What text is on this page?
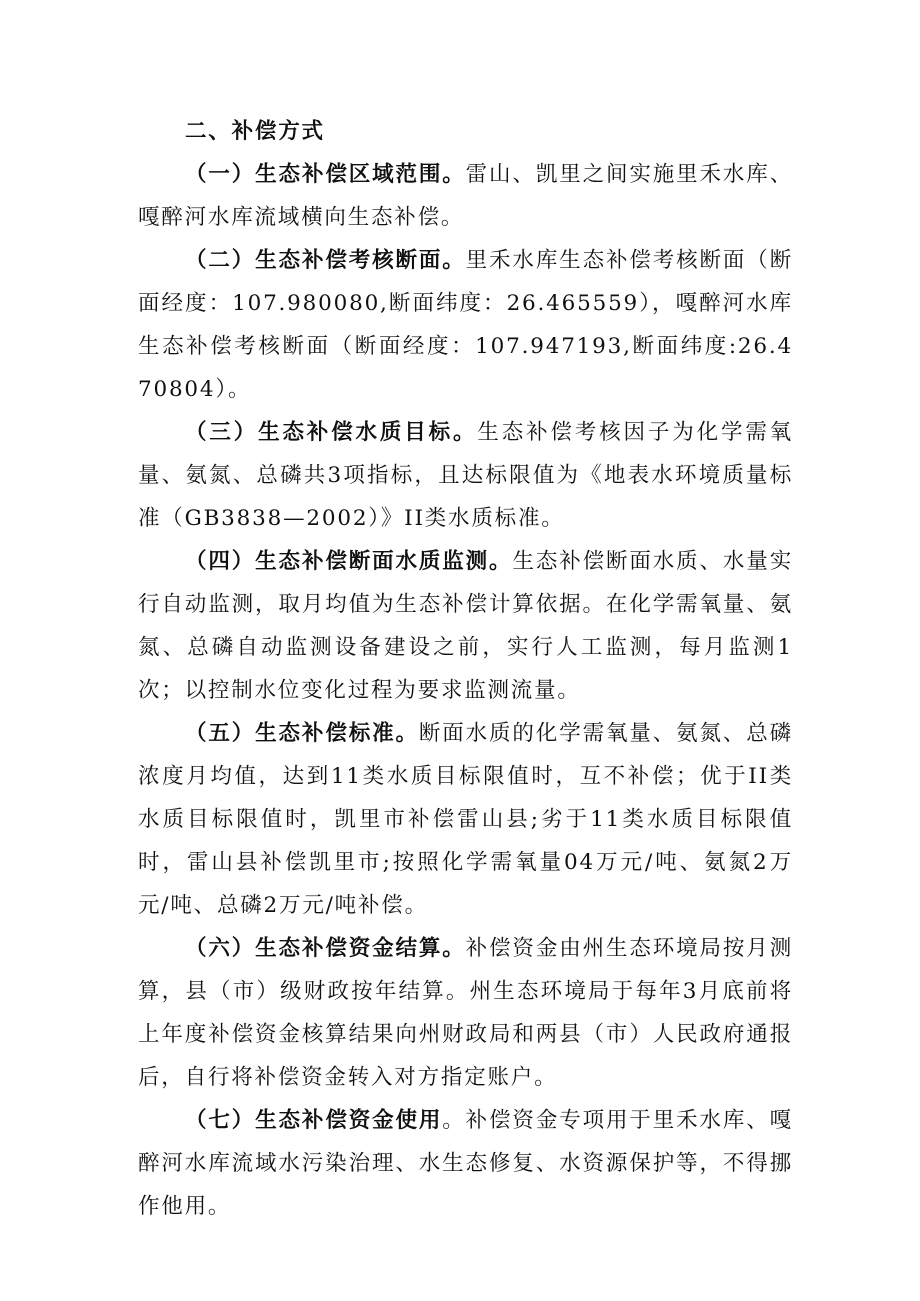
二、补偿方式

（一）生态补偿区域范围。雷山、凯里之间实施里禾水库、嘎醉河水库流域横向生态补偿。

（二）生态补偿考核断面。里禾水库生态补偿考核断面（断面经度：107.980080,断面纬度：26.465559），嘎醉河水库生态补偿考核断面（断面经度：107.947193,断面纬度:26.470804）。

（三）生态补偿水质目标。生态补偿考核因子为化学需氧量、氨氮、总磷共3项指标，且达标限值为《地表水环境质量标准（GB3838—2002）》II类水质标准。

（四）生态补偿断面水质监测。生态补偿断面水质、水量实行自动监测，取月均值为生态补偿计算依据。在化学需氧量、氨氮、总磷自动监测设备建设之前，实行人工监测，每月监测1次；以控制水位变化过程为要求监测流量。

（五）生态补偿标准。断面水质的化学需氧量、氨氮、总磷浓度月均值，达到11类水质目标限值时，互不补偿；优于II类水质目标限值时，凯里市补偿雷山县;劣于11类水质目标限值时，雷山县补偿凯里市;按照化学需氧量04万元/吨、氨氮2万元/吨、总磷2万元/吨补偿。

（六）生态补偿资金结算。补偿资金由州生态环境局按月测算，县（市）级财政按年结算。州生态环境局于每年3月底前将上年度补偿资金核算结果向州财政局和两县（市）人民政府通报后，自行将补偿资金转入对方指定账户。

（七）生态补偿资金使用。补偿资金专项用于里禾水库、嘎醉河水库流域水污染治理、水生态修复、水资源保护等，不得挪作他用。
